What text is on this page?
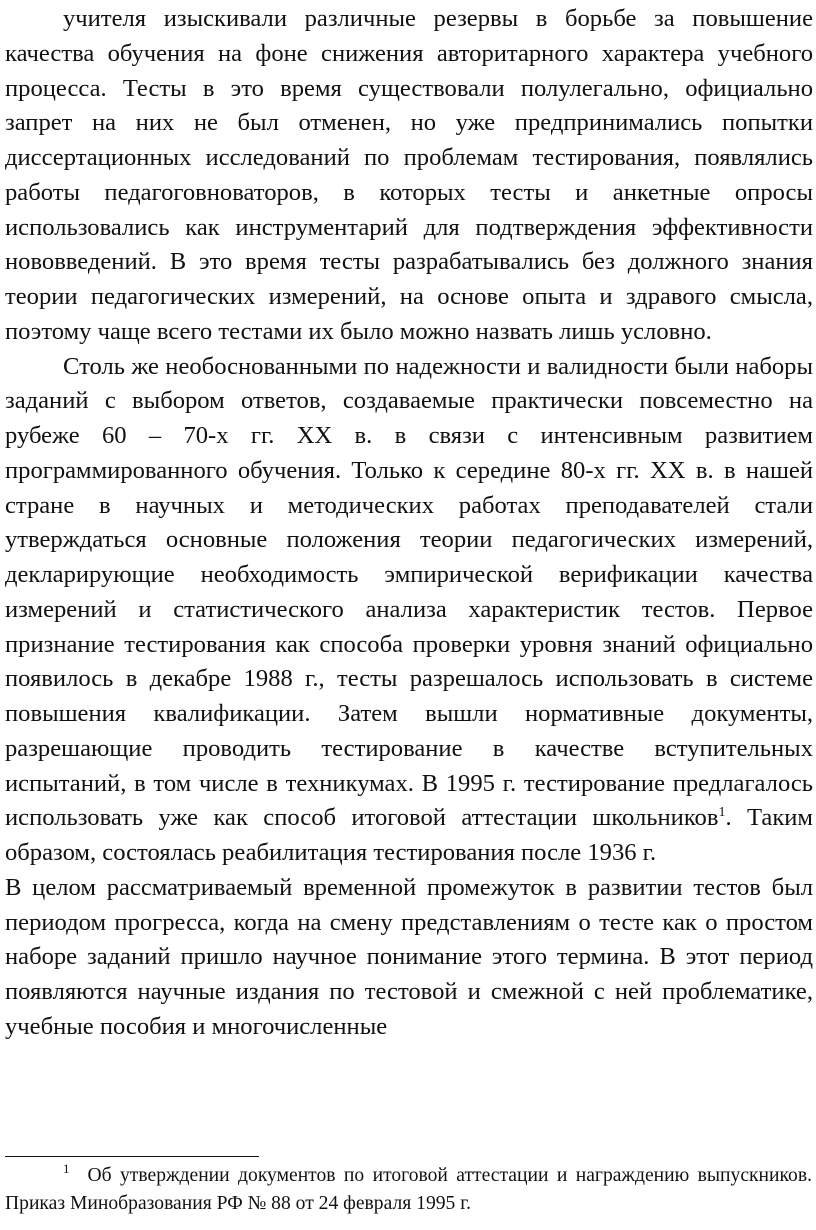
учителя изыскивали различные резервы в борьбе за повышение качества обучения на фоне снижения авторитарного характера учебного процесса. Тесты в это время существовали полулегально, официально запрет на них не был отменен, но уже предпринимались попытки диссертационных исследований по проблемам тестирования, появлялись работы педагоговноваторов, в которых тесты и анкетные опросы использовались как инструментарий для подтверждения эффективности нововведений. В это время тесты разрабатывались без должного знания теории педагогических измерений, на основе опыта и здравого смысла, поэтому чаще всего тестами их было можно назвать лишь условно.

Столь же необоснованными по надежности и валидности были наборы заданий с выбором ответов, создаваемые практически повсеместно на рубеже 60 – 70-х гг. XX в. в связи с интенсивным развитием программированного обучения. Только к середине 80-х гг. XX в. в нашей стране в научных и методических работах преподавателей стали утверждаться основные положения теории педагогических измерений, декларирующие необходимость эмпирической верификации качества измерений и статистического анализа характеристик тестов. Первое признание тестирования как способа проверки уровня знаний официально появилось в декабре 1988 г., тесты разрешалось использовать в системе повышения квалификации. Затем вышли нормативные документы, разрешающие проводить тестирование в качестве вступительных испытаний, в том числе в техникумах. В 1995 г. тестирование предлагалось использовать уже как способ итоговой аттестации школьников$^1$. Таким образом, состоялась реабилитация тестирования после 1936 г.

В целом рассматриваемый временной промежуток в развитии тестов был периодом прогресса, когда на смену представлениям о тесте как о простом наборе заданий пришло научное понимание этого термина. В этот период появляются научные издания по тестовой и смежной с ней проблематике, учебные пособия и многочисленные

$^1$ Об утверждении документов по итоговой аттестации и награждению выпускников. Приказ Минобразования РФ № 88 от 24 февраля 1995 г.
